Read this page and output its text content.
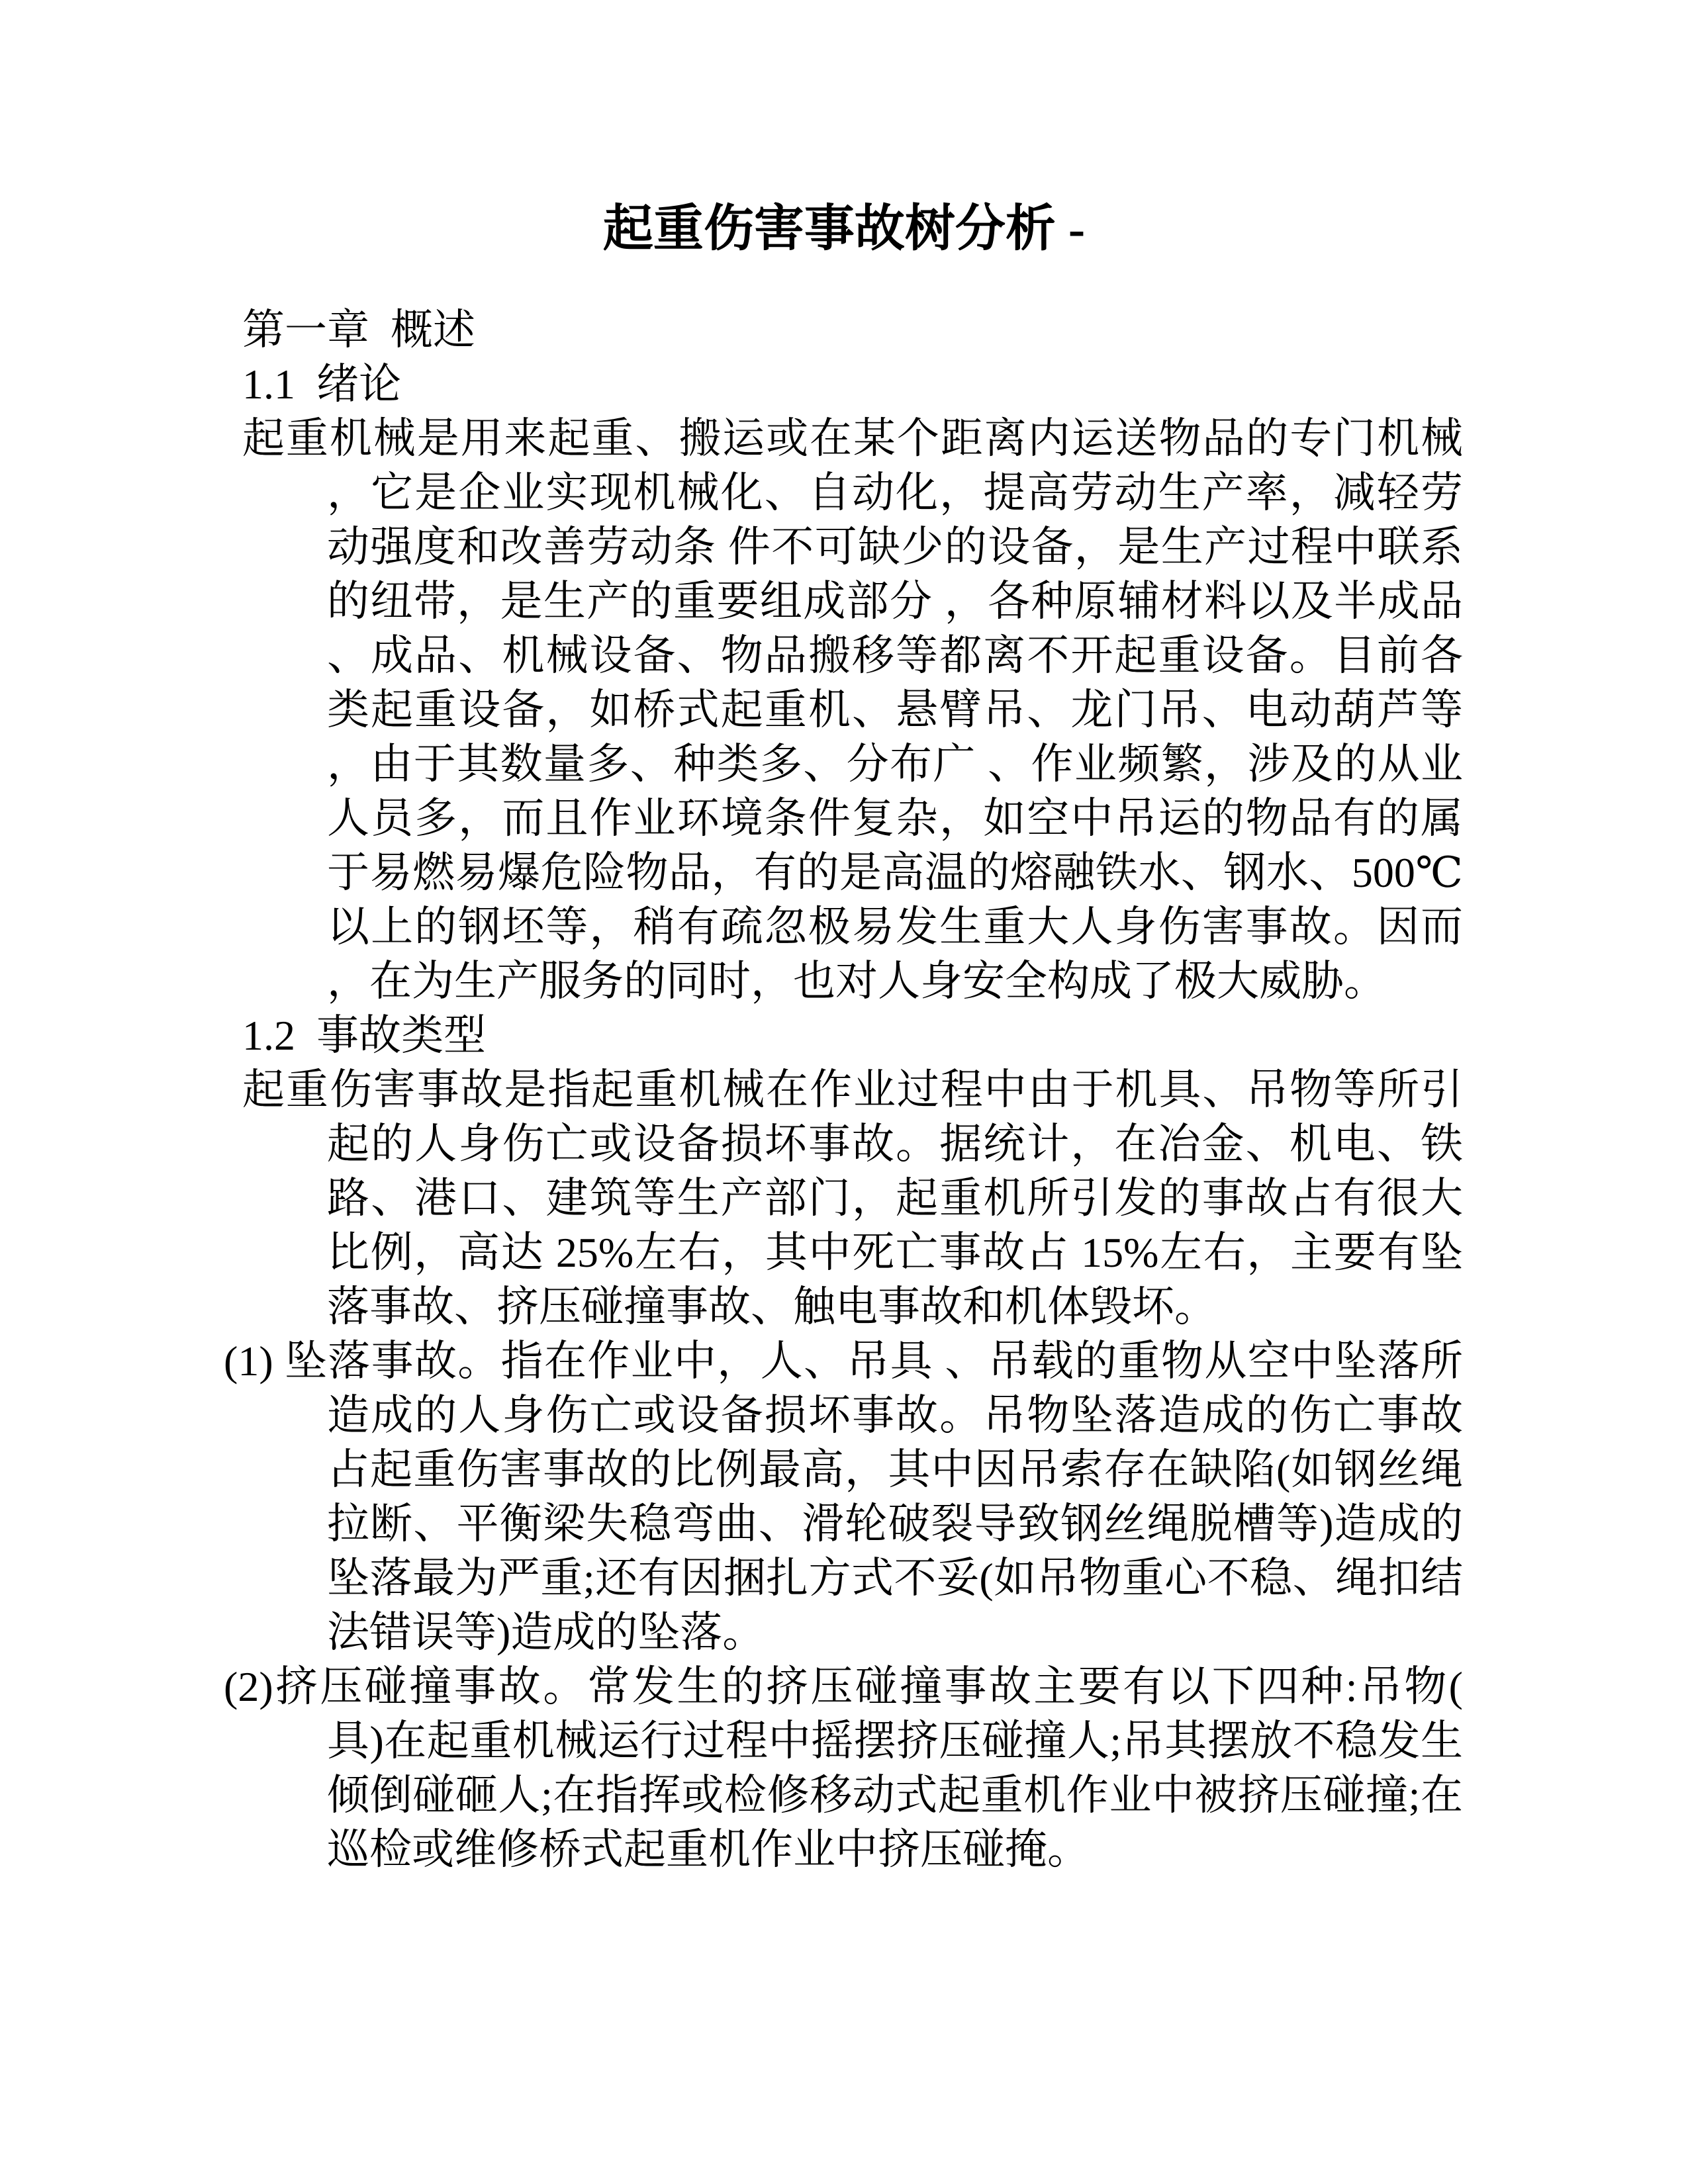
起重伤害事故树分析 -
第一章  概述
1.1  绪论
起重机械是用来起重、搬运或在某个距离内运送物品的专门机械
，它是企业实现机械化、自动化，提高劳动生产率，减轻劳
动强度和改善劳动条 件不可缺少的设备，是生产过程中联系
的纽带，是生产的重要组成部分 ，各种原辅材料以及半成品
、成品、机械设备、物品搬移等都离不开起重设备。目前各
类起重设备，如桥式起重机、悬臂吊、龙门吊、电动葫芦等
，由于其数量多、种类多、分布广 、作业频繁，涉及的从业
人员多，而且作业环境条件复杂，如空中吊运的物品有的属
于易燃易爆危险物品，有的是高温的熔融铁水、钢水、500℃
以上的钢坯等，稍有疏忽极易发生重大人身伤害事故。因而
，在为生产服务的同时，也对人身安全构成了极大威胁。
1.2  事故类型
起重伤害事故是指起重机械在作业过程中由于机具、吊物等所引
起的人身伤亡或设备损坏事故。据统计，在冶金、机电、铁
路、港口、建筑等生产部门，起重机所引发的事故占有很大
比例，高达 25%左右，其中死亡事故占 15%左右，主要有坠
落事故、挤压碰撞事故、触电事故和机体毁坏。
(1) 坠落事故。指在作业中，人、吊具 、吊载的重物从空中坠落所
造成的人身伤亡或设备损坏事故。吊物坠落造成的伤亡事故
占起重伤害事故的比例最高，其中因吊索存在缺陷(如钢丝绳
拉断、平衡梁失稳弯曲、滑轮破裂导致钢丝绳脱槽等)造成的
坠落最为严重;还有因捆扎方式不妥(如吊物重心不稳、绳扣结
法错误等)造成的坠落。
(2)挤压碰撞事故。常发生的挤压碰撞事故主要有以下四种:吊物(
具)在起重机械运行过程中摇摆挤压碰撞人;吊其摆放不稳发生
倾倒碰砸人;在指挥或检修移动式起重机作业中被挤压碰撞;在
巡检或维修桥式起重机作业中挤压碰掩。
